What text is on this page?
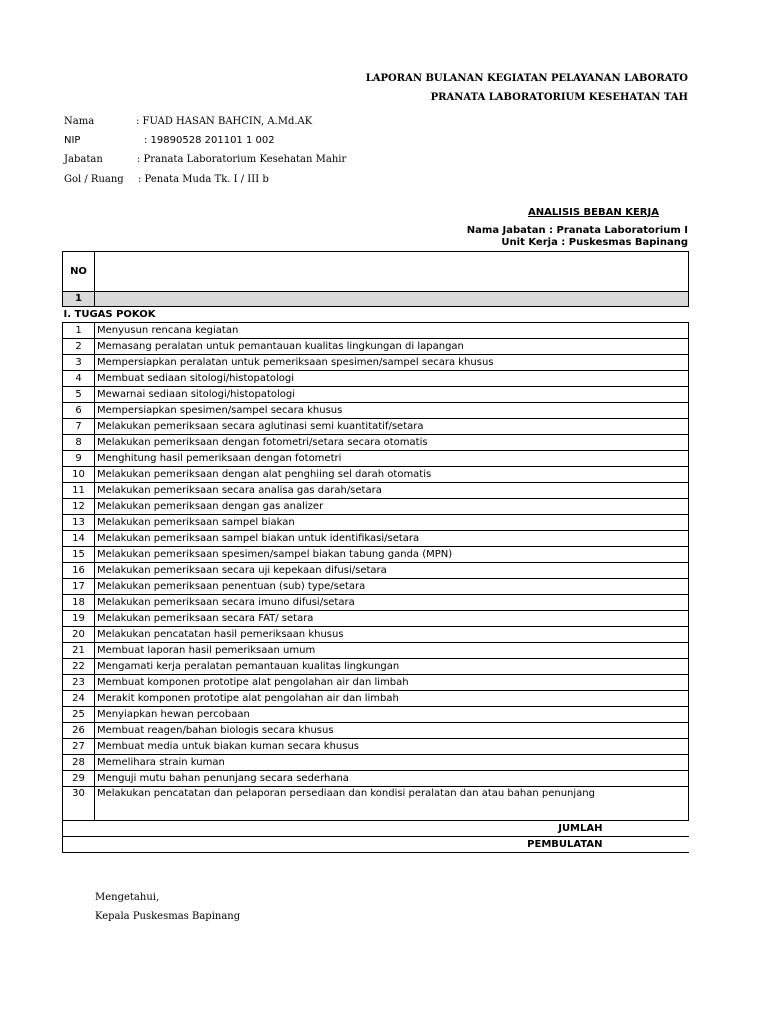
LAPORAN BULANAN KEGIATAN PELAYANAN LABORATO
PRANATA LABORATORIUM KESEHATAN TAH
Nama	: FUAD HASAN BAHCIN, A.Md.AK
NIP	: 19890528 201101 1 002
Jabatan	: Pranata Laboratorium Kesehatan Mahir
Gol / Ruang	: Penata Muda Tk. I / III b
ANALISIS BEBAN KERJA
Nama Jabatan : Pranata Laboratorium I
Unit Kerja : Puskesmas Bapinang
NO	
1	
I. TUGAS POKOK	
1	Menyusun rencana kegiatan
2	Memasang peralatan untuk pemantauan kualitas lingkungan di lapangan
3	Mempersiapkan peralatan untuk pemeriksaan spesimen/sampel secara khusus
4	Membuat sediaan sitologi/histopatologi
5	Mewarnai sediaan sitologi/histopatologi
6	Mempersiapkan spesimen/sampel secara khusus
7	Melakukan pemeriksaan secara aglutinasi semi kuantitatif/setara
8	Melakukan pemeriksaan dengan fotometri/setara secara otomatis
9	Menghitung hasil pemeriksaan dengan fotometri
10	Melakukan pemeriksaan dengan alat penghiing sel darah otomatis
11	Melakukan pemeriksaan secara analisa gas darah/setara
12	Melakukan pemeriksaan dengan gas analizer
13	Melakukan pemeriksaan sampel biakan
14	Melakukan pemeriksaan sampel biakan untuk identifikasi/setara
15	Melakukan pemeriksaan spesimen/sampel biakan tabung ganda (MPN)
16	Melakukan pemeriksaan secara uji kepekaan difusi/setara
17	Melakukan pemeriksaan penentuan (sub) type/setara
18	Melakukan pemeriksaan secara imuno difusi/setara
19	Melakukan pemeriksaan secara FAT/ setara
20	Melakukan pencatatan hasil pemeriksaan khusus
21	Membuat laporan hasil pemeriksaan umum
22	Mengamati kerja peralatan pemantauan kualitas lingkungan
23	Membuat komponen prototipe alat pengolahan air dan limbah
24	Merakit komponen prototipe alat pengolahan air dan limbah
25	Menyiapkan hewan percobaan
26	Membuat reagen/bahan biologis secara khusus
27	Membuat media untuk biakan kuman secara khusus
28	Memelihara strain kuman
29	Menguji mutu bahan penunjang secara sederhana
30	Melakukan pencatatan dan pelaporan persediaan dan kondisi peralatan dan atau bahan penunjang
JUMLAH	
PEMBULATAN	
Mengetahui,
Kepala Puskesmas Bapinang
